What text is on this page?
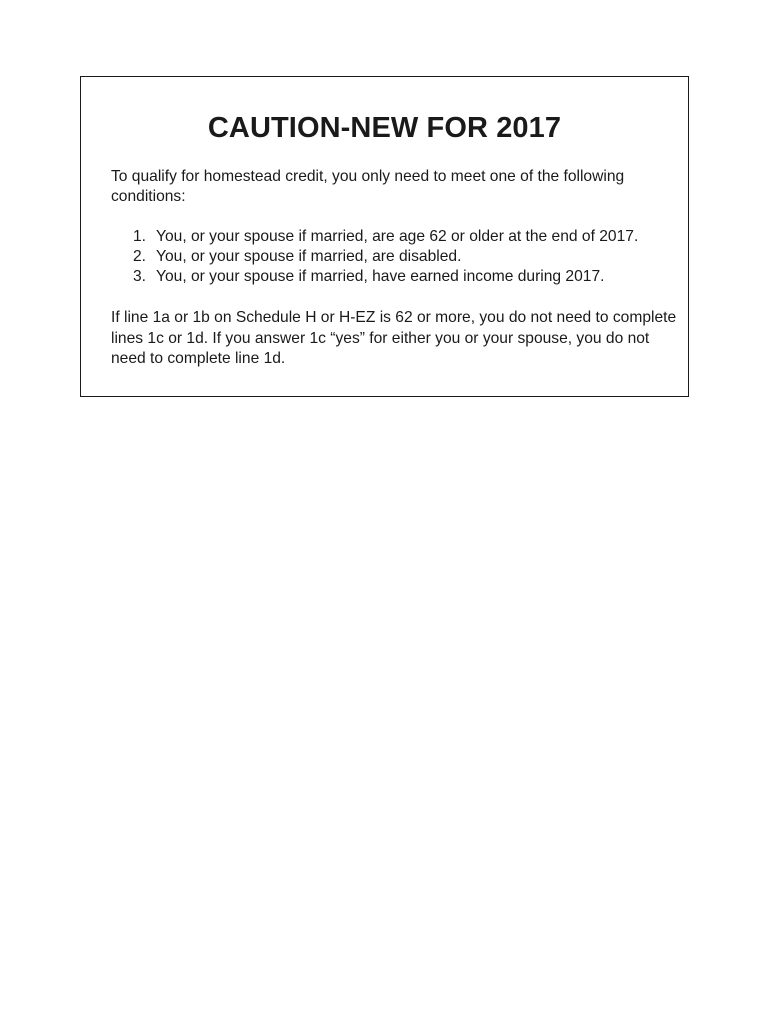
CAUTION-NEW FOR 2017

To qualify for homestead credit, you only need to meet one of the following conditions:

1. You, or your spouse if married, are age 62 or older at the end of 2017.
2. You, or your spouse if married, are disabled.
3. You, or your spouse if married, have earned income during 2017.

If line 1a or 1b on Schedule H or H-EZ is 62 or more, you do not need to complete lines 1c or 1d. If you answer 1c “yes” for either you or your spouse, you do not need to complete line 1d.
